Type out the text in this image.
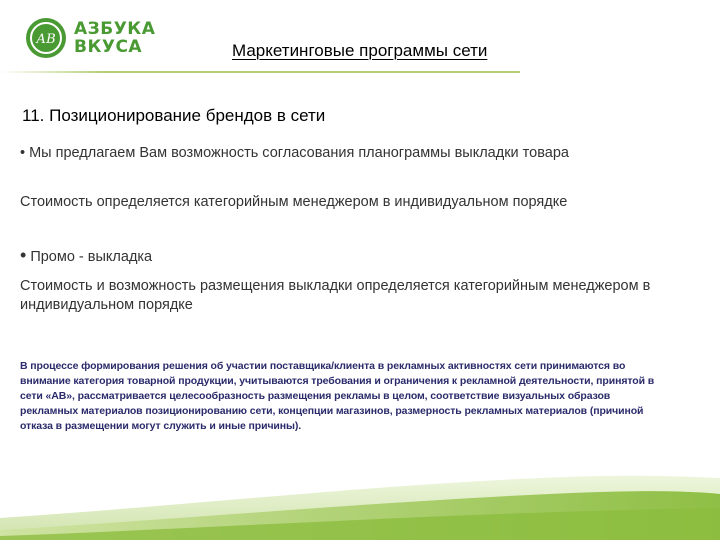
АВ
АЗБУКА
ВКУСА	Маркетинговые программы сети
11. Позиционирование брендов в сети
• Мы предлагаем Вам возможность согласования планограммы выкладки товара
Стоимость определяется категорийным менеджером в индивидуальном порядке
• Промо - выкладка
Стоимость и возможность размещения выкладки определяется категорийным менеджером в индивидуальном порядке
В процессе формирования решения об участии поставщика/клиента в рекламных активностях сети принимаются во внимание категория товарной продукции, учитываются требования и ограничения к рекламной деятельности, принятой в сети «АВ», рассматривается целесообразность размещения рекламы в целом, соответствие визуальных образов рекламных материалов позиционированию сети, концепции магазинов, размерность рекламных материалов (причиной отказа в размещении могут служить и иные причины).
